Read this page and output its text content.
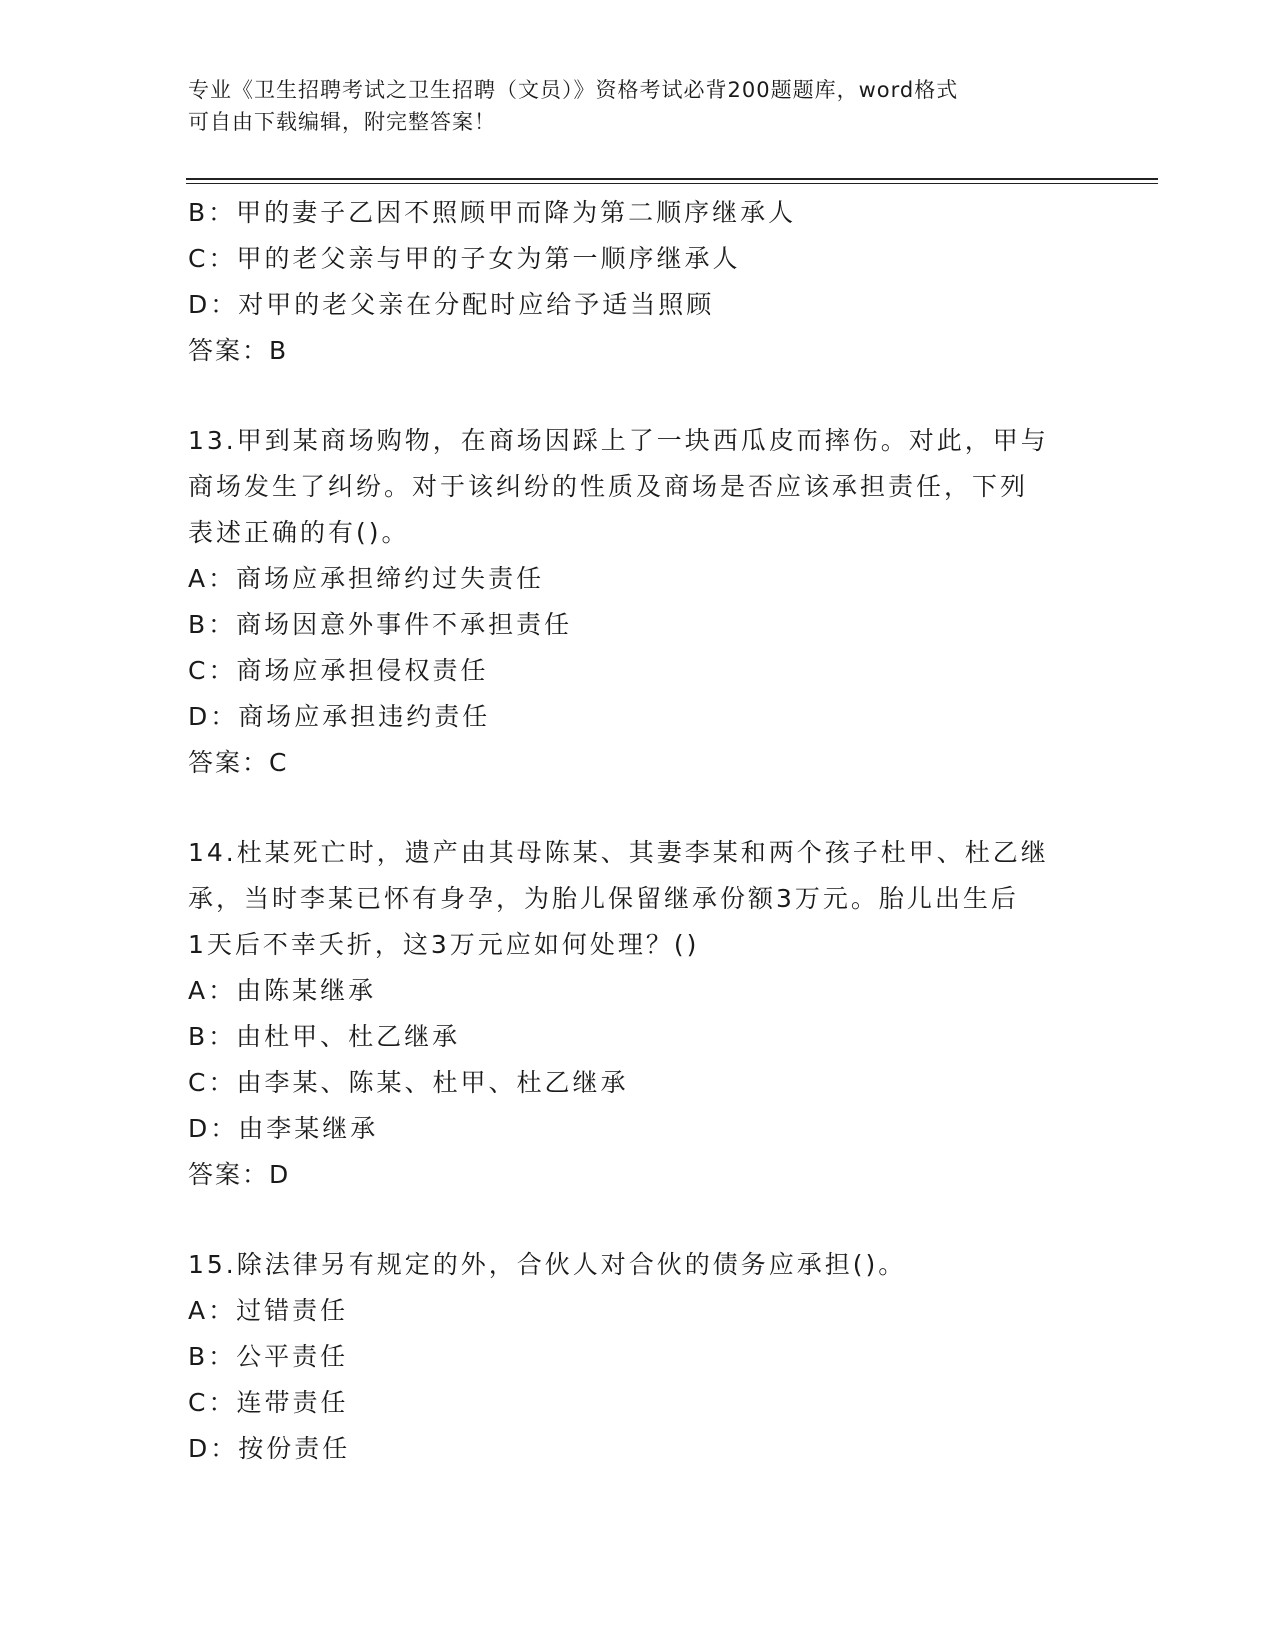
专业《卫生招聘考试之卫生招聘（文员）》资格考试必背200题题库，word格式
可自由下载编辑，附完整答案！
B：甲的妻子乙因不照顾甲而降为第二顺序继承人
C：甲的老父亲与甲的子女为第一顺序继承人
D：对甲的老父亲在分配时应给予适当照顾
答案：B
13.甲到某商场购物，在商场因踩上了一块西瓜皮而摔伤。对此，甲与
商场发生了纠纷。对于该纠纷的性质及商场是否应该承担责任，下列
表述正确的有()。
A：商场应承担缔约过失责任
B：商场因意外事件不承担责任
C：商场应承担侵权责任
D：商场应承担违约责任
答案：C
14.杜某死亡时，遗产由其母陈某、其妻李某和两个孩子杜甲、杜乙继
承，当时李某已怀有身孕，为胎儿保留继承份额3万元。胎儿出生后
1天后不幸夭折，这3万元应如何处理？()
A：由陈某继承
B：由杜甲、杜乙继承
C：由李某、陈某、杜甲、杜乙继承
D：由李某继承
答案：D
15.除法律另有规定的外，合伙人对合伙的债务应承担()。
A：过错责任
B：公平责任
C：连带责任
D：按份责任
